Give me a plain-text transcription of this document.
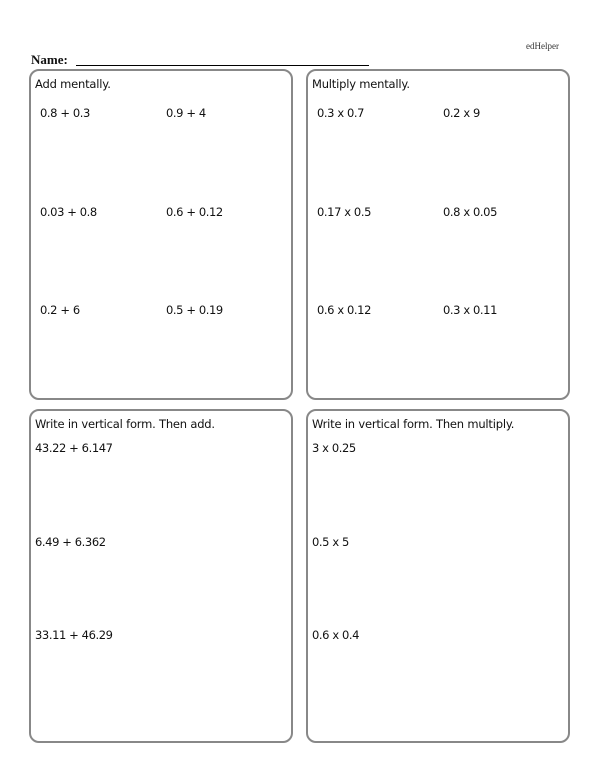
edHelper
Name:
Add mentally.
0.8 + 0.3	0.9 + 4
0.03 + 0.8	0.6 + 0.12
0.2 + 6	0.5 + 0.19
Multiply mentally.
0.3 x 0.7	0.2 x 9
0.17 x 0.5	0.8 x 0.05
0.6 x 0.12	0.3 x 0.11
Write in vertical form. Then add.
43.22 + 6.147
6.49 + 6.362
33.11 + 46.29
Write in vertical form. Then multiply.
3 x 0.25
0.5 x 5
0.6 x 0.4
